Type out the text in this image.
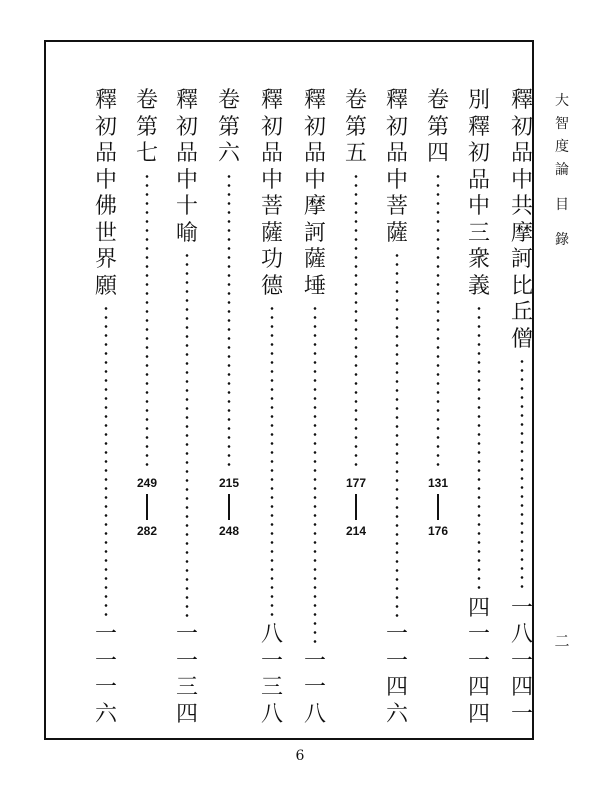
大
智
度
論
目
錄
二
釋
初
品
中
共
摩
訶
比
丘
僧
一
八
一
四
一
別
釋
初
品
中
三
衆
義
四
一
一
四
四
卷
第
四
131
176
釋
初
品
中
菩
薩
一
一
四
六
卷
第
五
177
214
釋
初
品
中
摩
訶
薩
埵
一
一
八
釋
初
品
中
菩
薩
功
德
八
一
三
八
卷
第
六
215
248
釋
初
品
中
十
喻
一
一
三
四
卷
第
七
249
282
釋
初
品
中
佛
世
界
願
一
一
一
六
6
